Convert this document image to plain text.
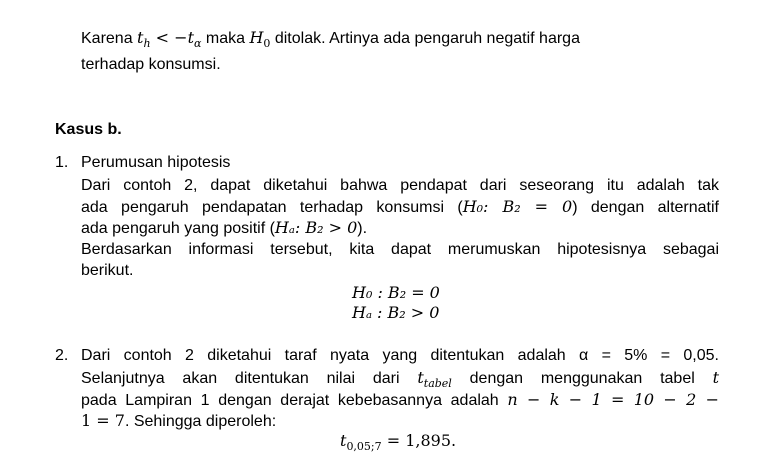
Karena $t_h < -t_\alpha$ maka $H_0$ ditolak. Artinya ada pengaruh negatif harga
terhadap konsumsi.
Kasus b.
1. Perumusan hipotesis
Dari contoh 2, dapat diketahui bahwa pendapat dari seseorang itu adalah tak
ada pengaruh pendapatan terhadap konsumsi (H₀: B₂ = 0) dengan alternatif
ada pengaruh yang positif (Hₐ: B₂ > 0).
Berdasarkan informasi tersebut, kita dapat merumuskan hipotesisnya sebagai
berikut.
H₀ : B₂ = 0
Hₐ : B₂ > 0
2. Dari contoh 2 diketahui taraf nyata yang ditentukan adalah α = 5% = 0,05.
Selanjutnya akan ditentukan nilai dari $t_{tabel}$ dengan menggunakan tabel t
pada Lampiran 1 dengan derajat kebebasannya adalah n − k − 1 = 10 − 2 −
1 = 7. Sehingga diperoleh:
$t_{0,05;7} = 1,895$.
